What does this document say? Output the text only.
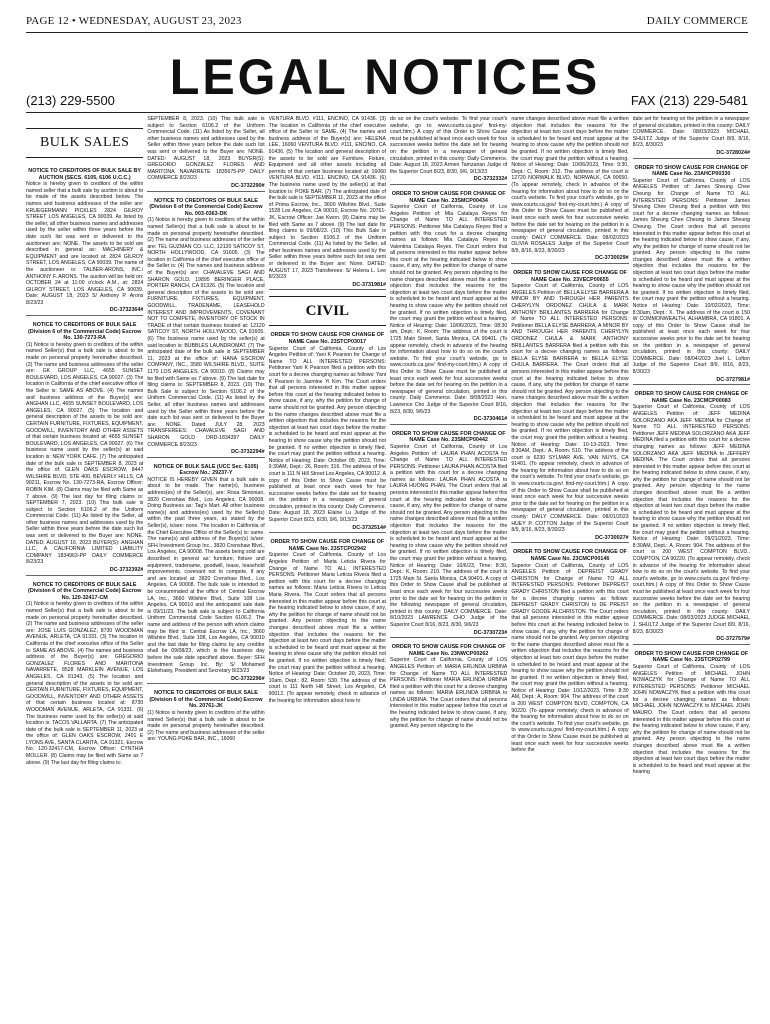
PAGE 12 • WEDNESDAY, AUGUST 23, 2023	DAILY COMMERCE
LEGAL NOTICES
(213) 229-5500	FAX (213) 229-5481
BULK SALES
NOTICE TO CREDITORS OF BULK SALE BY AUCTION (SECS. 6105, 6106 U.C.C.)

Notice is hereby given to creditors of the within named seller that a bulk sale by auction is about to be made of the assets described below. The names and business addresses of the seller are: KRUEGERMANN PICKLES 2824 GILROY STREET LOS ANGELES, CA 90039. As listed by the seller, all other business names and addresses used by the seller within three years before the date such list was sent or delivered to the auctioneer are: NONE. The assets to be sold are described in general as: MACHINERY & EQUIPMENT and are located at: 2824 GILROY STREET, LOS ANGELES, CA 90039. The name of the auctioneer is: TALBER-ARONS, INC./ ANTHONY F. ARONS. The auction will be held on: OCTOBER 24 at 11:00 o'clock A.M., at: 2824 GILROY STREET, LOS ANGELES, CA 90039. Date: AUGUST 18, 2023 S/ Anthony P. Arons 8/23/23

DC-3732364#
NOTICE TO CREDITORS OF BULK SALE (Division 6 of the Commercial Code) Escrow No. 130-7273-RA

(1) Notice is hereby given to creditors of the within named Seller(s) that a bulk sale is about to be made on personal property hereinafter described. (2) The name and business addresses of the seller are: GK GROUP LLC, 4655 SUNSET BOULEVARD, LOS ANGELES, CA 90027. (3) The location in California of the chief executive office of the Seller is: SAME AS ABOVE. (4) The names and business address of the Buyer(s) are: ANGHAN LLC, 4655 SUNSET BOULEVARD, LOS ANGELES, CA 90027. (5) The location and general description of the assets to be sold are: CERTAIN FURNITURE, FIXTURES, EQUIPMENT, GOODWILL, INVENTORY AND OTHER ASSETS of that certain business located at: 4655 SUNSET BOULEVARD, LOS ANGELES, CA 90027. (6) The business name used by the seller(s) at said location is: NEW YORK CAFE. (7) The anticipated date of the bulk sale is SEPTEMBER 8, 2023 at the office of: GLEN OAKS ESCROW, 8447 WILSHIRE BLVD, STE 400, BEVERLY HILLS, CA 90211, Escrow No. 130-7273-RA, Escrow Officer: ROBIN KIM. (8) Claims may be filed with Same as 7 above. (9) The last day for filing claims is: SEPTEMBER 7, 2023. (10) This bulk sale is subject to Section 6106.2 of the Uniform Commercial Code. (11) As listed by the Seller, all other business names and addresses used by the Seller within three years before the date such list was sent or delivered to the Buyer are: NONE. DATED: AUGUST 16, 2023 BUYER(S): ANGHAN LLC, A CALIFORNIA LIMITED LIABILITY COMPANY 1834963-PP DAILY COMMERCE 8/23/23

DC-3732392#
NOTICE TO CREDITORS OF BULK SALE (Division 6 of the Commercial Code) Escrow No. 120-32417-CM

(1) Notice is hereby given to creditors of the within named Seller(s) that a bulk sale is about to be made on personal property hereinafter described. (2) The name and business addresses of the seller are: JOSE LUIS GONZALEZ, 8730 WOODMAN AVENUE, ARLETA, CA 91331. (3) The location in California of the chief executive office of the Seller is: SAME AS ABOVE. (4) The names and business address of the Buyer(s) are: GREGORIO GONZALEZ FLORES AND MARITONA NAVARRETE, 8528 MARKLEIN AVENUE, LOS ANGELES, CA 91343. (5) The location and general description of the assets to be sold are: CERTAIN FURNITURE, FIXTURES, EQUIPMENT, GOODWILL, INVENTORY AND OTHER ASSETS of that certain business located at: 8730 WOODMAN AVENUE, ARLETA, CA 91331. (6) The business name used by the seller(s) at said location is: TACOS VALLARTA. (7) The anticipated date of the bulk sale is SEPTEMBER 11, 2023 at the office of: GLEN OAKS ESCROW, 2401 E LYONS AVE, SANTA CLARITA, CA 91321, Escrow No. 120-32417-CM, Escrow Officer: CYNTHIA MOLLER. (8) Claims may be filed with Same as 7 above. (9) The last day for filing claims is:

SEPTEMBER 8, 2023. (10) This bulk sale is subject to Section 6106.2 of the Uniform Commercial Code. (11) As listed by the Seller, all other business names and addresses used by the Seller within three years before the date such list was sent or delivered to the Buyer are: NONE. DATED: AUGUST 18, 2023 BUYER(S): GREGORIO GONZALEZ FLORES AND MARITONA NAVARRETE 1835675-PP DAILY COMMERCE 8/23/23

DC-3732290#
NOTICE TO CREDITORS OF BULK SALE (Division 6 of the Commercial Code) Escrow No. 003-0363-DK

(1) Notice is hereby given to creditors of the within named Seller(s) that a bulk sale is about to be made on personal property hereinafter described. (2) The name and business addresses of the seller are: TEL GUZMAN CO. LLC, 12120 SATICOY ST, NORTH HOLLYWOOD, CA 91605. (3) The location in California of the chief executive office of the Seller is: (4) The names and business address of the Buyer(s) are: CHAVALEVE SAGI AND SHARON GOLD, 19895 BERINGER PLACE, PORTER RANCH, CA 91326. (5) The location and general description of the assets to be sold are: FURNITURE, FIXTURES, EQUIPMENT, GOODWILL, TRADENAME, LEASEHOLD INTEREST AND IMPROVEMENTS, COVENANT NOT TO COMPETE, INVENTORY OF STOCK IN TRADE of that certain business located at: 12120 SATICOY ST, NORTH HOLLYWOOD, CA 91605. (6) The business name used by the seller(s) at said location is: BUBBLES LAUNDROMAT. (7) The anticipated date of the bulk sale is SEPTEMBER 11, 2023 at the office of: HANA ESCROW COMPANY, INC., 3580 WILSHIRE BLVD., SUITE 1170 LOS ANGELES, CA 90010. (8) Claims may be filed with Same as 7 above. (9) The last date for filing claims is: SEPTEMBER 8, 2023. (10) This Bulk Sale is subject to Section 6106.2 of the Uniform Commercial Code. (11) As listed by the Seller, all other business names and addresses used by the Seller within three years before the date such list was sent or delivered to the Buyer are: NONE. Dated JULY 28, 2023 TRANSFEREES: CHAVALEVE SAGI AND SHARON GOLD ORD-1834397 DAILY COMMERCE 8/23/23

DC-3732294#
NOTICE OF BULK SALE (UCC Sec. 6105) Escrow No.: 29237-Y

NOTICE IS HEREBY GIVEN that a bulk sale is about to be made. The name(s), business address(es) of the Seller(s), are: Rosa Simonian, 3820 Crenshaw Blvd., Los Angeles, CA 90008. Doing Business as: Tag's Mart. All other business name(s) and address(es) used by the Seller(s) within the past three years, as stated by the Seller(s), is/are: none. The location in California of the Chief Executive Office of the Seller(s) is: same. The name(s) and address of the Buyer(s) is/are: SFH Investment Group Inc., 3820 Crenshaw Blvd., Los Angeles, CA 90008. The assets being sold are described in general as: furniture, fixture and equipment, tradename, goodwill, lease, leasehold improvements, covenant not to compete, if any and are located at: 3820 Crenshaw Blvd., Los Angeles, CA 90008. The bulk sale is intended to be consummated at the office of: Central Escrow LA, Inc., 3660 Wilshire Blvd., Suite 108 Los Angeles, CA 90010 and the anticipated sale date is 09/11/23. The bulk sale is subject to California Uniform Commercial Code Section 6106.2. The name and address of the person with whom claims may be filed is: Central Escrow LA, Inc., 3660 Wilshire Blvd., Suite 108, Los Angeles, CA 90010 and the last date for filing claims by any creditor shall be 09/08/23, which is the business day before the sale date specified above. Buyer: SFH Investment Group Inc. By: S/ Mohamed Elshehawy, President and Secretary 8/23/23

DC-3732296#
NOTICE TO CREDITORS OF BULK SALE (Division 6 of the Commercial Code) Escrow No. 20761-JK

(1) Notice is hereby given to creditors of the within named Seller(s) that a bulk sale is about to be made on personal property hereinafter described. (2) The name and business addresses of the seller are: YOUNG POKE BAR, INC., 16060

VENTURA BLVD. #111, ENCINO, CA 91436. (3) The location in California of the chief executive office of the Seller is: SAME. (4) The names and business address of the Buyer(s) are: HELENA LEE, 16060 VENTURA BLVD. #111, ENCINO, CA 91436. (5) The location and general description of the assets to be sold are Furniture, Fixture, Equipment and all other assets including all permits of that certain business located at: 16060 VENTURA BLVD. #111, ENCINO, CA 91436. (6) The business name used by the seller(s) at that location is: POKE BAR. (7) The anticipated date of the bulk sale is SEPTEMBER 11, 2023 at the office of Prima Escrow, Inc., 3600 Wilshire Blvd., Suite 1528 Los Angeles, CA 90010, Escrow No. 20761-JK, Escrow Officer: Jae Kwon. (8) Claims may be filed with Same as 7 above. (9) The last date for filing claims is 09/08/23. (10) This Bulk Sale is subject to Section 6106.2 of the Uniform Commercial Code. (11) As listed by the Seller, all other business names and addresses used by the Seller within three years before such list was sent or delivered to the Buyer are: None. DATED: AUGUST 17, 2023 Transferees: S/ Helena L. Lee 8/23/23

DC-3731981#
CIVIL
ORDER TO SHOW CAUSE FOR CHANGE OF NAME Case No. 23STCP03017

Superior Court of California, County of Los Angeles Petition of: Yani K Pearson for Change of Name TO ALL INTERESTED PERSONS: Petitioner Yani K Pearson filed a petition with this court for a decree changing names as follows: Yani K Pearson to Jasmine Yi Kim. The Court orders that all persons interested in this matter appear before this court at the hearing indicated below to show cause, if any, why the petition for change of name should not be granted. Any person objecting to the name changes described above must file a written objection that includes the reasons for the objection at least two court days before the matter is scheduled to be heard and must appear at the hearing to show cause why the petition should not be granted. If no written objection is timely filed, the court may grant the petition without a hearing. Notice of Hearing: Date: October 09, 2023, Time: 9:30AM, Dept.: 26, Room: 316. The address of the court is 111 N Hill Street Los Angeles, CA 90012. A copy of this Order to Show Cause must be published at least once each week for four successive weeks before the date set for hearing on the petition in a newspaper of general circulation, printed in this county: Daily Commerce. Date: August 18, 2023 Elaine Lu Judge of the Superior Court 8/23, 8/30, 9/6, 9/13/23

DC-3732514#
ORDER TO SHOW CAUSE FOR CHANGE OF NAME Case No. 23STCP02942

Superior Court of California, County of Los Angeles Petition of: Maria Leticia Rivera for Change of Name TO ALL INTERESTED PERSONS: Petitioner Maria Leticia Rivera filed a petition with this court for a decree changing names as follows: Maria Leticia Rivera to Leticia Maria Rivera. The Court orders that all persons interested in this matter appear before this court at the hearing indicated below to show cause, if any, why the petition for change of name should not be granted. Any person objecting to the name changes described above must file a written objection that includes the reasons for the objection at least two court days before the matter is scheduled to be heard and must appear at the hearing to show cause why the petition should not be granted. If no written objection is timely filed, the court may grant the petition without a hearing. Notice of Hearing: Date: October 20, 2023, Time: 10am, Dept.: 82, Room: 530. The address of the court is 111 North Hill Street, Los Angeles, CA 90012. (To appear remotely, check in advance of the hearing for information about how to

do so on the court's website. To find your court's website, go to www.courts.ca.gov/ find-my-court.htm.) A copy of this Order to Show Cause must be published at least once each week for four successive weeks before the date set for hearing on the petition in a newspaper of general circulation, printed in this county: Daily Commerce. Date: August 18, 2023 Armen Tamzarian Judge of the Superior Court 8/23, 8/30, 9/6, 9/13/23

DC-3732332#
ORDER TO SHOW CAUSE FOR CHANGE OF NAME Case No. 23SMCP00434

Superior Court of California, County of Los Angeles Petition of: Mia Catalaya Reyes for Change of Name TO ALL INTERESTED PERSONS: Petitioner Mia Catalaya Reyes filed a petition with this court for a decree changing names as follows: Mia Catalaya Reyes to Valentina Catalaya Reyes. The Court orders that all persons interested in this matter appear before this court at the hearing indicated below to show cause, if any, why the petition for change of name should not be granted. Any person objecting to the name changes described above must file a written objection that includes the reasons for the objection at least two court days before the matter is scheduled to be heard and must appear at the hearing to show cause why the petition should not be granted. If no written objection is timely filed, the court may grant the petition without a hearing. Notice of Hearing: Date: 10/06/2023, Time: 08:30 am, Dept.: K, Room: The address of the court is 1725 Main Street, Santa Monica, CA 90401. (To appear remotely, check in advance of the hearing for information about how to do so on the court's website. To find your court's website, go to www.courts.ca.gov/ find-my-court.htm.) A copy of this Order to Show Cause must be published at least once each week for four successive weeks before the date set for hearing on the petition in a newspaper of general circulation, printed in this county: Daily Commerce. Date: 8/08/2023 Hon. Lawrence Cho Judge of the Superior Court 8/16, 8/23, 8/30, 9/6/23

DC-3730461#
ORDER TO SHOW CAUSE FOR CHANGE OF NAME Case No. 23SMCP00442

Superior Court of California, County of Los Angeles Petition of: LAURA PHAN ACOSTA for Change of Name TO ALL INTERESTED PERSONS: Petitioner LAURA PHAN ACOSTA filed a petition with this court for a decree changing names as follows: LAURA PHAN ACOSTA to LAURA HUONG PHAN. The Court orders that all persons interested in this matter appear before this court at the hearing indicated below to show cause, if any, why the petition for change of name should not be granted. Any person objecting to the name changes described above must file a written objection that includes the reasons for the objection at least two court days before the matter is scheduled to be heard and must appear at the hearing to show cause why the petition should not be granted. If no written objection is timely filed, the court may grant the petition without a hearing. Notice of Hearing: Date: 10/6/23, Time: 8:30, Dept.: K, Room: 210. The address of the court is 1725 Main St. Santa Monica, CA 90401. A copy of this Order to Show Cause shall be published at least once each week for four successive weeks prior to the date set for hearing on the petition in the following newspaper of general circulation, printed in this county: DAILY COMMERCE. Date: 8/10/2023 LAWRENCE CHO Judge of the Superior Court 8/16, 8/23, 8/30, 9/6/23

DC-3730723#
ORDER TO SHOW CAUSE FOR CHANGE OF NAME Case No. 23NWCP00262

Superior Court of California, County of LOS ANGELES Petition of: MARIA ERLINDA URBINA for Change of Name TO ALL INTERESTED PERSONS: Petitioner MARIA ERLINDA URBINA filed a petition with this court for a decree changing names as follows: MARIA ERLINDA URBINA to LINDA URBINA. The Court orders that all persons interested in this matter appear before this court at the hearing indicated below to show cause, if any, why the petition for change of name should not be granted. Any person objecting to the

name changes described above must file a written objection that includes the reasons for the objection at least two court days before the matter is scheduled to be heard and must appear at the hearing to show cause why the petition should not be granted. If no written objection is timely filed, the court may grant the petition without a hearing. Notice of Hearing: Date: 10/06/2023, Time: 9:30, Dept.: C, Room: 312. The address of the court is 12720 NORWALK BLVD, NORWALK, CA 90650. (To appear remotely, check in advance of the hearing for information about how to do so on the court's website. To find your court's website, go to www.courts.ca.gov/ find-my-court.htm.) A copy of this Order to Show Cause must be published at least once each week for four successive weeks before the date set for hearing on the petition in a newspaper of general circulation, printed in this county: DAILY COMMERCE. Date: 08/02/2023 OLIVIA ROSALES Judge of the Superior Court 8/9, 8/16, 8/23, 8/30/23

DC-3730029#
ORDER TO SHOW CAUSE FOR CHANGE OF NAME Case No. 23VECP00655

Superior Court of California, County of LOS ANGELES Petition of: BELLA ELYSE BARRERA A MINOR BY AND THROUGH HER PARENTS CHERYLYN ORDONEZ CHULA & MARK ANTHONY BRILLANTES BARRERA for Change of Name TO ALL INTERESTED PERSONS: Petitioner BELLA ELYSE BARRERA, A MINOR BY AND THROUGH HER PARENTS CHERYLYN ORDONEZ CHULA & MARK ANTHONY BRILLANTES BARRERA filed a petition with this court for a decree changing names as follows: BELLA ELYSE BARRERA to BELLA ELYSE CHULA BARRERA. The Court orders that all persons interested in this matter appear before this court at the hearing indicated below to show cause, if any, why the petition for change of name should not be granted. Any person objecting to the name changes described above must file a written objection that includes the reasons for the objection at least two court days before the matter is scheduled to be heard and must appear at the hearing to show cause why the petition should not be granted. If no written objection is timely filed, the court may grant the petition without a hearing. Notice of Hearing: Date: 10-13-2023, Time: 8:30AM, Dept.: A, Room: 510. The address of the court is 6230 SYLMAR AVE, VAN NUYS, CA 91401. (To appear remotely, check in advance of the hearing for information about how to do so on the court's website. To find your court's website, go to www.courts.ca.gov/ find-my-court.htm.) A copy of this Order to Show Cause shall be published at least once each week for four successive weeks prior to the date set for hearing on the petition in a newspaper of general circulation, printed in this county: DAILY COMMERCE. Date: 08/01/2023 HUEY P. COTTON Judge of the Superior Court 8/9, 8/16, 8/23, 8/30/23

DC-3730027#
ORDER TO SHOW CAUSE FOR CHANGE OF NAME Case No. 23CMCP00146

Superior Court of California, County of LOS ANGELES Petition of: DEPREIST GRADY CHRISTON for Change of Name TO ALL INTERESTED PERSONS: Petitioner DEPREIST GRADY CHRISTON filed a petition with this court for a decree changing names as follows: DEPREIST GRADY CHRISTON to DE PREIST GRADY GOODE ALCHRISTON. The Court orders that all persons interested in this matter appear before this court at the hearing indicated below to show cause, if any, why the petition for change of name should not be granted. Any person objecting to the name changes described above must file a written objection that includes the reasons for the objection at least two court days before the matter is scheduled to be heard and must appear at the hearing to show cause why the petition should not be granted. If no written objection is timely filed, the court may grant the petition without a hearing. Notice of Hearing: Date: 10/12/2023, Time: 8:30 AM, Dept.: A, Room: 904. The address of the court is 200 WEST COMPTON BLVD, COMPTON, CA 90220. (To appear remotely, check in advance of the hearing for information about how to do so on the court's website. To find your court's website, go to www.courts.ca.gov/ find-my-court.htm.) A copy of this Order to Show Cause must be published at least once each week for four successive weeks before the

date set for hearing on the petition in a newspaper of general circulation, printed in this county: DAILY COMMERCE. Date: 08/03/2023 MICHAEL SHULTZ Judge of the Superior Court 8/9, 8/16, 8/23, 8/30/23

DC-3728024#
ORDER TO SHOW CAUSE FOR CHANGE OF NAME Case No. 23AHCP00330

Superior Court of California, County of LOS ANGELES Petition of: James Sheung Chee Cheung for Change of Name TO ALL INTERESTED PERSONS: Petitioner James Sheung Chee Cheung filed a petition with this court for a decree changing names as follows: James Sheung Chee Cheung to James Sheung Cheung. The Court orders that all persons interested in this matter appear before this court at the hearing indicated below to show cause, if any, why the petition for change of name should not be granted. Any person objecting to the name changes described above must file a written objection that includes the reasons for the objection at least two court days before the matter is scheduled to be heard and must appear at the hearing to show cause why the petition should not be granted. If no written objection is timely filed, the court may grant the petition without a hearing. Notice of Hearing: Date: 10/02/2023, Time: 8:30am, Dept.: X. The address of the court is 150 W COMMONWEALTH, ALHAMBRA, CA 91801. A copy of this Order to Show Cause shall be published at least once each week for four successive weeks prior to the date set for hearing on the petition in a newspaper of general circulation, printed in this county: DAILY COMMERCE. Date: 08/04/2023 Joel L. Lofton Judge of the Superior Court 8/9, 8/16, 8/23, 8/30/23

DC-3727981#
ORDER TO SHOW CAUSE FOR CHANGE OF NAME Case No. 23CMCP00083

Superior Court of California, County of LOS ANGELES Petition of: JEFF MEDINA SOLORZANO AKA JEFF MEDINA for Change of Name TO ALL INTERESTED PERSONS: Petitioner JEFF MEDINA SOLORZANO AKA JEFF MEDINA filed a petition with this court for a decree changing names as follows: JEFF MEDINA SOLORZANO AKA JEFF MEDINA to JEFFERY MEDINA. The Court orders that all persons interested in this matter appear before this court at the hearing indicated below to show cause, if any, why the petition for change of name should not be granted. Any person objecting to the name changes described above must file a written objection that includes the reasons for the objection at least two court days before the matter is scheduled to be heard and must appear at the hearing to show cause why the petition should not be granted. If no written objection is timely filed, the court may grant the petition without a hearing. Notice of Hearing: Date: 09/21/2023, Time: 8:30AM, Dept.: A, Room: 904. The address of the court is 200 WEST COMPTON BLVD., COMPTON, CA 90220. (To appear remotely, check in advance of the hearing for information about how to do so on the court's website. To find your court's website, go to www.courts.ca.gov/ find-my-court.htm.) A copy of this Order to Show Cause must be published at least once each week for four successive weeks before the date set for hearing on the petition in a newspaper of general circulation, printed in this county: DAILY COMMERCE. Date: 08/03/2023 JUDGE MICHAEL J. SHULTZ Judge of the Superior Court 8/9, 8/16, 8/23, 8/30/23

DC-3727579#
ORDER TO SHOW CAUSE FOR CHANGE OF NAME Case No. 23STCP02799

Superior Court of California, County of LOS ANGELES Petition of: MICHAEL JOHN NOWACZYK for Change of Name TO ALL INTERESTED PERSONS: Petitioner MICHAEL JOHN NOWACZYK filed a petition with this court for a decree changing names as follows: MICHAEL JOHN NOWACZYK to MICHAEL JOHN MAURO. The Court orders that all persons interested in this matter appear before this court at the hearing indicated below to show cause, if any, why the petition for change of name should not be granted. Any person objecting to the name changes described above must file a written objection that includes the reasons for the objection at least two court days before the matter is scheduled to be heard and must appear at the hearing
